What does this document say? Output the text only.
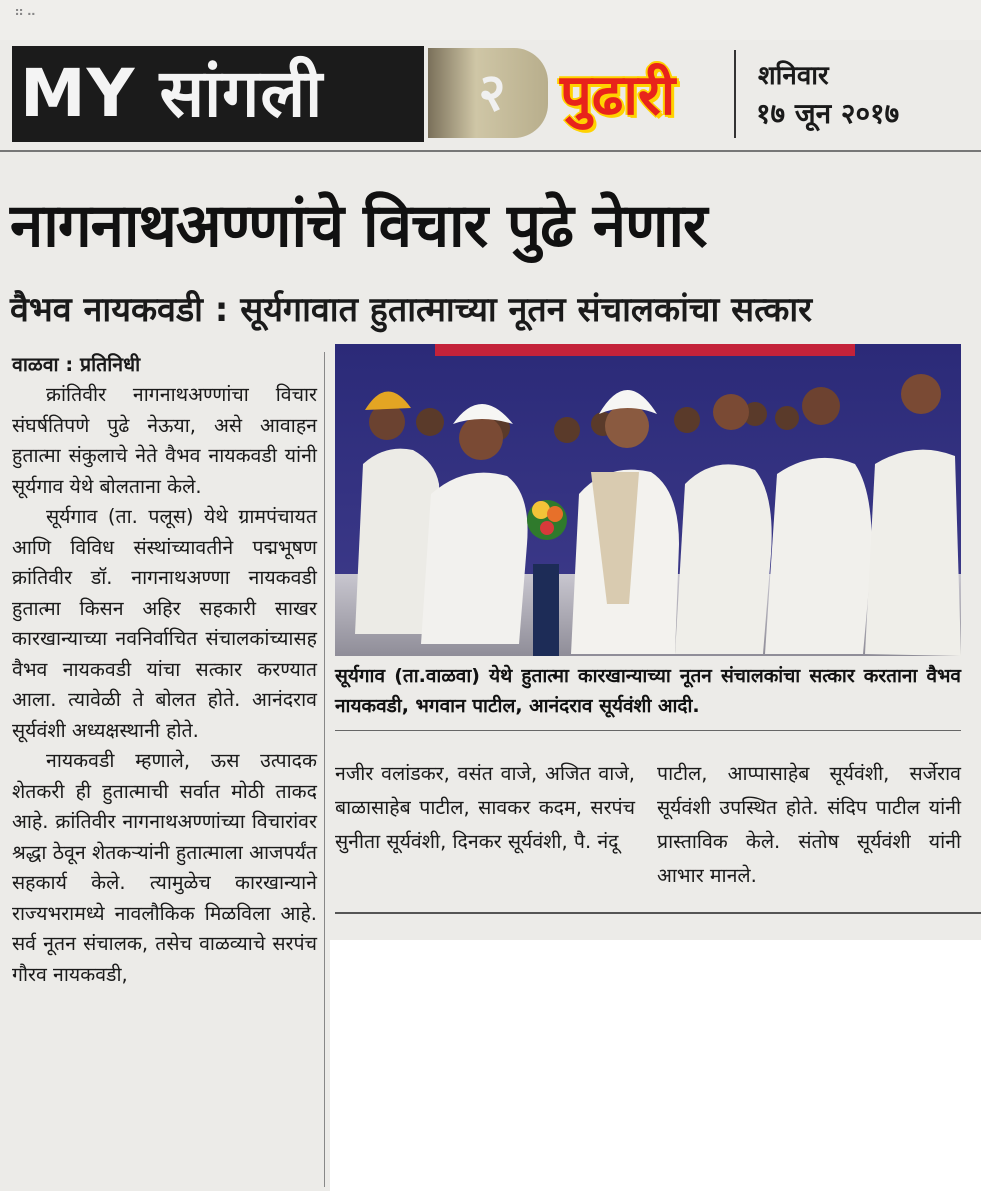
⠶⠤
MY सांगली	२ पुढारी	शनिवार
१७ जून २०१७
नागनाथअण्णांचे विचार पुढे नेणार
वैभव नायकवडी : सूर्यगावात हुतात्माच्या नूतन संचालकांचा सत्कार
वाळवा : प्रतिनिधी

क्रांतिवीर नागनाथअण्णांचा विचार संघर्षतिपणे पुढे नेऊया, असे आवाहन हुतात्मा संकुलाचे नेते वैभव नायकवडी यांनी सूर्यगाव येथे बोलताना केले.

सूर्यगाव (ता. पलूस) येथे ग्रामपंचायत आणि विविध संस्थांच्यावतीने पद्मभूषण क्रांतिवीर डॉ. नागनाथअण्णा नायकवडी हुतात्मा किसन अहिर सहकारी साखर कारखान्याच्या नवनिर्वाचित संचालकांच्यासह वैभव नायकवडी यांचा सत्कार करण्यात आला. त्यावेळी ते बोलत होते. आनंदराव सूर्यवंशी अध्यक्षस्थानी होते.

नायकवडी म्हणाले, ऊस उत्पादक शेतकरी ही हुतात्माची सर्वात मोठी ताकद आहे. क्रांतिवीर नागनाथअण्णांच्या विचारांवर श्रद्धा ठेवून शेतकऱ्यांनी हुतात्माला आजपर्यंत सहकार्य केले. त्यामुळेच कारखान्याने राज्यभरामध्ये नावलौकिक मिळविला आहे. सर्व नूतन संचालक, तसेच वाळव्याचे सरपंच गौरव नायकवडी,

सूर्यगाव (ता.वाळवा) येथे हुतात्मा कारखान्याच्या नूतन संचालकांचा सत्कार करताना वैभव नायकवडी, भगवान पाटील, आनंदराव सूर्यवंशी आदी.

नजीर वलांडकर, वसंत वाजे, अजित वाजे, बाळासाहेब पाटील, सावकर कदम, सरपंच सुनीता सूर्यवंशी, दिनकर सूर्यवंशी, पै. नंदू

पाटील, आप्पासाहेब सूर्यवंशी, सर्जेराव सूर्यवंशी उपस्थित होते. संदिप पाटील यांनी प्रास्ताविक केले. संतोष सूर्यवंशी यांनी आभार मानले.
